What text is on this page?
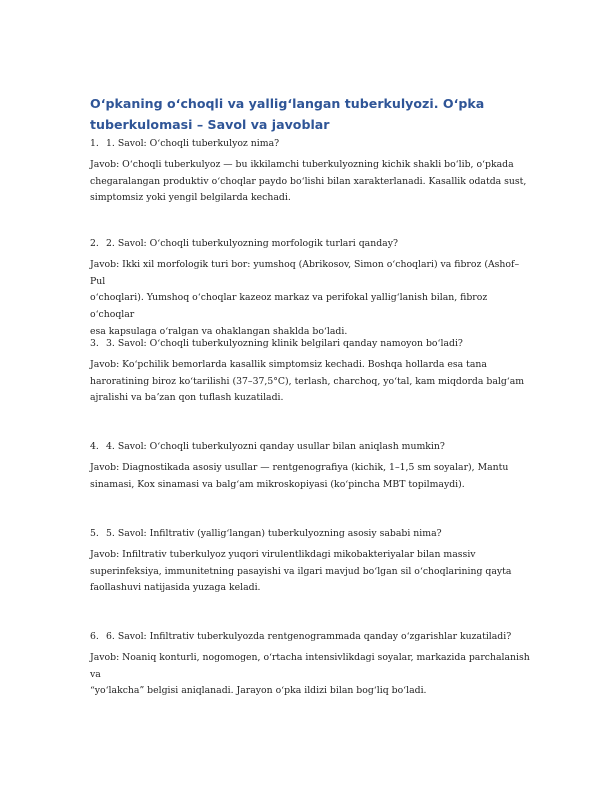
Oʻpkaning oʻchoqli va yalligʻlangan tuberkulyozi. Oʻpka tuberkulomasi – Savol va javoblar
1. 1. Savol: Oʻchoqli tuberkulyoz nima?
Javob: Oʻchoqli tuberkulyoz — bu ikkilamchi tuberkulyozning kichik shakli boʻlib, oʻpkada
chegaralangan produktiv oʻchoqlar paydo boʻlishi bilan xarakterlanadi. Kasallik odatda sust,
simptomsiz yoki yengil belgilarda kechadi.
2. 2. Savol: Oʻchoqli tuberkulyozning morfologik turlari qanday?
Javob: Ikki xil morfologik turi bor: yumshoq (Abrikosov, Simon oʻchoqlari) va fibroz (Ashof–Pul
oʻchoqlari). Yumshoq oʻchoqlar kazeoz markaz va perifokal yalligʻlanish bilan, fibroz oʻchoqlar
esa kapsulaga oʻralgan va ohaklangan shaklda boʻladi.
3. 3. Savol: Oʻchoqli tuberkulyozning klinik belgilari qanday namoyon boʻladi?
Javob: Koʻpchilik bemorlarda kasallik simptomsiz kechadi. Boshqa hollarda esa tana
haroratining biroz koʻtarilishi (37–37,5°C), terlash, charchoq, yoʻtal, kam miqdorda balgʻam
ajralishi va baʼzan qon tuflash kuzatiladi.
4. 4. Savol: Oʻchoqli tuberkulyozni qanday usullar bilan aniqlash mumkin?
Javob: Diagnostikada asosiy usullar — rentgenografiya (kichik, 1–1,5 sm soyalar), Mantu
sinamasi, Kox sinamasi va balgʻam mikroskopiyasi (koʻpincha MBT topilmaydi).
5. 5. Savol: Infiltrativ (yalligʻlangan) tuberkulyozning asosiy sababi nima?
Javob: Infiltrativ tuberkulyoz yuqori virulentlikdagi mikobakteriyalar bilan massiv
superinfeksiya, immunitetning pasayishi va ilgari mavjud boʻlgan sil oʻchoqlarining qayta
faollashuvi natijasida yuzaga keladi.
6. 6. Savol: Infiltrativ tuberkulyozda rentgenogrammada qanday oʻzgarishlar kuzatiladi?
Javob: Noaniq konturli, nogomogen, oʻrtacha intensivlikdagi soyalar, markazida parchalanish va
“yoʻlakcha” belgisi aniqlanadi. Jarayon oʻpka ildizi bilan bogʻliq boʻladi.
